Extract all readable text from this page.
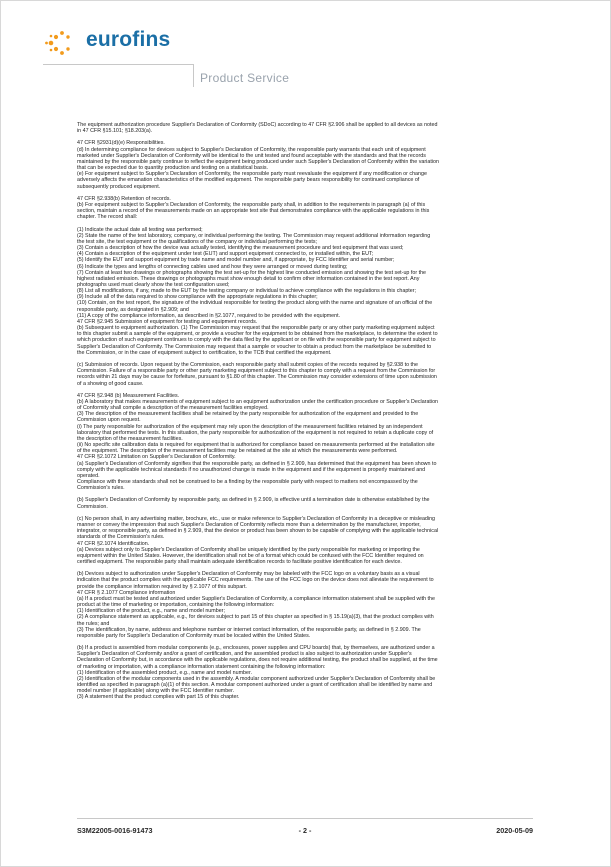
eurofins
Product Service

The equipment authorization procedure Supplier's Declaration of Conformity (SDoC) according to 47 CFR §2.906 shall be applied to all devices as noted
in 47 CFR §15.101; §18.203(a).

47 CFR §2931(d)(e) Responsibilities.
(d) In determining compliance for devices subject to Supplier's Declaration of Conformity, the responsible party warrants that each unit of equipment
marketed under Supplier's Declaration of Conformity will be identical to the unit tested and found acceptable with the standards and that the records
maintained by the responsible party continue to reflect the equipment being produced under such Supplier's Declaration of Conformity within the variation
that can be expected due to quantity production and testing on a statistical basis.
(e) For equipment subject to Supplier's Declaration of Conformity, the responsible party must reevaluate the equipment if any modification or change
adversely affects the emanation characteristics of the modified equipment. The responsible party bears responsibility for continued compliance of
subsequently produced equipment.

47 CFR §2.938(b) Retention of records.
(b) For equipment subject to Supplier's Declaration of Conformity, the responsible party shall, in addition to the requirements in paragraph (a) of this
section, maintain a record of the measurements made on an appropriate test site that demonstrates compliance with the applicable regulations in this
chapter. The record shall:

(1) Indicate the actual date all testing was performed;
(2) State the name of the test laboratory, company, or individual performing the testing. The Commission may request additional information regarding
the test site, the test equipment or the qualifications of the company or individual performing the tests;
(3) Contain a description of how the device was actually tested, identifying the measurement procedure and test equipment that was used;
(4) Contain a description of the equipment under test (EUT) and support equipment connected to, or installed within, the EUT;
(5) Identify the EUT and support equipment by trade name and model number and, if appropriate, by FCC Identifier and serial number;
(6) Indicate the types and lengths of connecting cables used and how they were arranged or moved during testing;
(7) Contain at least two drawings or photographs showing the test set-up for the highest line conducted emission and showing the test set-up for the
highest radiated emission. These drawings or photographs must show enough detail to confirm other information contained in the test report. Any
photographs used must clearly show the test configuration used;
(8) List all modifications, if any, made to the EUT by the testing company or individual to achieve compliance with the regulations in this chapter;
(9) Include all of the data required to show compliance with the appropriate regulations in this chapter;
(10) Contain, on the test report, the signature of the individual responsible for testing the product along with the name and signature of an official of the
responsible party, as designated in §2.909; and
(11) A copy of the compliance information, as described in §2.1077, required to be provided with the equipment.
47 CFR §2.945 Submission of equipment for testing and equipment records.
(b) Subsequent to equipment authorization. (1) The Commission may request that the responsible party or any other party marketing equipment subject
to this chapter submit a sample of the equipment, or provide a voucher for the equipment to be obtained from the marketplace, to determine the extent to
which production of such equipment continues to comply with the data filed by the applicant or on file with the responsible party for equipment subject to
Supplier's Declaration of Conformity. The Commission may request that a sample or voucher to obtain a product from the marketplace be submitted to
the Commission, or in the case of equipment subject to certification, to the TCB that certified the equipment.

(c) Submission of records. Upon request by the Commission, each responsible party shall submit copies of the records required by §2.938 to the
Commission. Failure of a responsible party or other party marketing equipment subject to this chapter to comply with a request from the Commission for
records within 21 days may be cause for forfeiture, pursuant to §1.80 of this chapter. The Commission may consider extensions of time upon submission
of a showing of good cause.

47 CFR §2.948 (b) Measurement Facilities.
(b) A laboratory that makes measurements of equipment subject to an equipment authorization under the certification procedure or Supplier's Declaration
of Conformity shall compile a description of the measurement facilities employed.
(3) The description of the measurement facilities shall be retained by the party responsible for authorization of the equipment and provided to the
Commission upon request.
(i) The party responsible for authorization of the equipment may rely upon the description of the measurement facilities retained by an independent
laboratory that performed the tests. In this situation, the party responsible for authorization of the equipment is not required to retain a duplicate copy of
the description of the measurement facilities.
(ii) No specific site calibration data is required for equipment that is authorized for compliance based on measurements performed at the installation site
of the equipment. The description of the measurement facilities may be retained at the site at which the measurements were performed.
47 CFR §2.1072 Limitation on Supplier's Declaration of Conformity.
(a) Supplier's Declaration of Conformity signifies that the responsible party, as defined in § 2.909, has determined that the equipment has been shown to
comply with the applicable technical standards if no unauthorized change is made in the equipment and if the equipment is properly maintained and
operated.
Compliance with these standards shall not be construed to be a finding by the responsible party with respect to matters not encompassed by the
Commission's rules.

(b) Supplier's Declaration of Conformity by responsible party, as defined in § 2.909, is effective until a termination date is otherwise established by the
Commission.

(c) No person shall, in any advertising matter, brochure, etc., use or make reference to Supplier's Declaration of Conformity in a deceptive or misleading
manner or convey the impression that such Supplier's Declaration of Conformity reflects more than a determination by the manufacturer, importer,
integrator, or responsible party, as defined in § 2.909, that the device or product has been shown to be capable of complying with the applicable technical
standards of the Commission's rules.
47 CFR §2.1074 Identification.
(a) Devices subject only to Supplier's Declaration of Conformity shall be uniquely identified by the party responsible for marketing or importing the
equipment within the United States. However, the identification shall not be of a format which could be confused with the FCC Identifier required on
certified equipment. The responsible party shall maintain adequate identification records to facilitate positive identification for each device.

(b) Devices subject to authorization under Supplier's Declaration of Conformity may be labeled with the FCC logo on a voluntary basis as a visual
indication that the product complies with the applicable FCC requirements. The use of the FCC logo on the device does not alleviate the requirement to
provide the compliance information required by § 2.1077 of this subpart.
47 CFR § 2.1077 Compliance information
(a) If a product must be tested and authorized under Supplier's Declaration of Conformity, a compliance information statement shall be supplied with the
product at the time of marketing or importation, containing the following information:
(1) Identification of the product, e.g., name and model number;
(2) A compliance statement as applicable, e.g., for devices subject to part 15 of this chapter as specified in § 15.19(a)(3), that the product complies with
the rules; and
(3) The identification, by name, address and telephone number or internet contact information, of the responsible party, as defined in § 2.909. The
responsible party for Supplier's Declaration of Conformity must be located within the United States.

(b) If a product is assembled from modular components (e.g., enclosures, power supplies and CPU boards) that, by themselves, are authorized under a
Supplier's Declaration of Conformity and/or a grant of certification, and the assembled product is also subject to authorization under Supplier's
Declaration of Conformity but, in accordance with the applicable regulations, does not require additional testing, the product shall be supplied, at the time
of marketing or importation, with a compliance information statement containing the following information:
(1) Identification of the assembled product, e.g., name and model number.
(2) Identification of the modular components used in the assembly. A modular component authorized under Supplier's Declaration of Conformity shall be
identified as specified in paragraph (a)(1) of this section. A modular component authorized under a grant of certification shall be identified by name and
model number (if applicable) along with the FCC Identifier number.
(3) A statement that the product complies with part 15 of this chapter.

S3M22005-0016-91473	- 2 -	2020-05-09
